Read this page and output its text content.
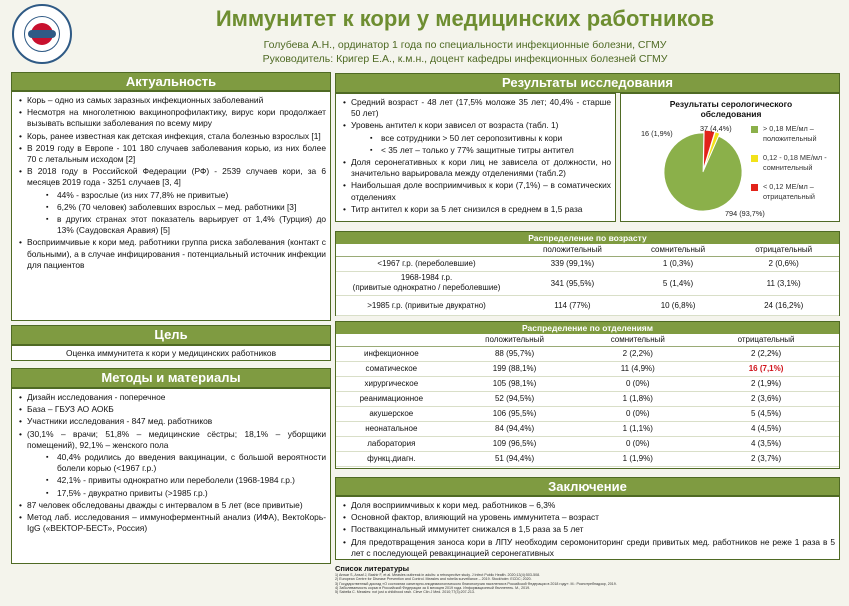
Иммунитет к кори у медицинских работников
Голубева А.Н., ординатор 1 года по специальности инфекционные болезни, СГМУ
Руководитель: Кригер Е.А., к.м.н., доцент кафедры инфекционных болезней СГМУ
Актуальность
• Корь – одно из самых заразных инфекционных заболеваний
• Несмотря на многолетнюю вакцинопрофилактику, вирус кори продолжает вызывать вспышки заболевания по всему миру
• Корь, ранее известная как детская инфекция, стала болезнью взрослых [1]
• В 2019 году в Европе - 101 180 случаев заболевания корью, из них более 70 с летальным исходом [2]
• В 2018 году в Российской Федерации (РФ) - 2539 случаев кори, за 6 месяцев 2019 года - 3251 случаев [3, 4]
▪ 44% - взрослые (из них 77,8% не привитые)
▪ 6,2% (70 человек) заболевших взрослых – мед. работники [3]
▪ в других странах этот показатель варьирует от 1,4% (Турция) до 13% (Саудовская Аравия) [5]
• Восприимчивые к кори мед. работники группа риска заболевания (контакт с больными), а в случае инфицирования - потенциальный источник инфекции для пациентов
Цель
Оценка иммунитета к кори у медицинских работников
Методы и материалы
• Дизайн исследования - поперечное
• База – ГБУЗ АО АОКБ
• Участники исследования - 847 мед. работников
• (30,1% – врачи; 51,8% – медицинские сёстры; 18,1% – уборщики помещений), 92,1% – женского пола
▪ 40,4% родились до введения вакцинации, с большой вероятности болели корью (<1967 г.р.)
▪ 42,1% - привиты однократно или переболели (1968-1984 г.р.)
▪ 17,5% - двукратно привиты (>1985 г.р.)
• 87 человек обследованы дважды с интервалом в 5 лет (все привитые)
• Метод лаб. исследования – иммуноферментный анализ (ИФА), ВектоКорь-IgG («ВЕКТОР-БЕСТ», Россия)
Список литературы
1) Anwar S, Ansaf J, Bashir F, et al. Measles outbreak in adults: a retrospective study. J Infect Public Health. 2020;13(4):503-508.
2) European Centre for Disease Prevention and Control. Measles and rubella surveillance – 2019. Stockholm: ECDC; 2020.
3) Государственный доклад «О состоянии санитарно-эпидемиологического благополучия населения в Российской Федерации в 2018 году». М.: Роспотребнадзор, 2019.
4) Заболеваемость корью в Российской Федерации за 6 месяцев 2019 года. Информационный бюллетень. М., 2019.
5) Sabella C. Measles: not just a childhood rash. Cleve Clin J Med. 2010;77(3):207-213.
Результаты исследования
• Средний возраст - 48 лет (17,5% моложе 35 лет; 40,4% - старше 50 лет)
• Уровень антител к кори зависел от возраста (табл. 1)
▪ все сотрудники > 50 лет серопозитивны к кори
▪ < 35 лет – только у 77% защитные титры антител
• Доля серонегативных к кори лиц не зависела от должности, но значительно варьировала между отделениями (табл.2)
• Наибольшая доле восприимчивых к кори (7,1%) – в соматических отделениях
• Титр антител к кори за 5 лет снизился в среднем в 1,5 раза
Результаты серологического обследования
16 (1,9%)
37 (4,4%)
794 (93,7%)
> 0,18 МЕ/мл – положительный
0,12 - 0,18 МЕ/мл - сомнительный
< 0,12 МЕ/мл – отрицательный
Распределение по возрасту
	положительный	сомнительный	отрицательный
<1967 г.р. (переболевшие)	339 (99,1%)	1 (0,3%)	2 (0,6%)
1968-1984 г.р.
(привитые однократно / переболевшие)	341 (95,5%)	5 (1,4%)	11 (3,1%)
>1985 г.р. (привитые двукратно)	114 (77%)	10 (6,8%)	24 (16,2%)
Распределение по отделениям
	положительный	сомнительный	отрицательный
инфекционное	88 (95,7%)	2 (2,2%)	2 (2,2%)
соматическое	199 (88,1%)	11 (4,9%)	16 (7,1%)
хирургическое	105 (98,1%)	0 (0%)	2 (1,9%)
реанимационное	52 (94,5%)	1 (1,8%)	2 (3,6%)
акушерское	106 (95,5%)	0 (0%)	5 (4,5%)
неонатальное	84 (94,4%)	1 (1,1%)	4 (4,5%)
лаборатория	109 (96,5%)	0 (0%)	4 (3,5%)
функц.диагн.	51 (94,4%)	1 (1,9%)	2 (3,7%)
Заключение
• Доля восприимчивых к кори мед. работников – 6,3%
• Основной фактор, влияющий на уровень иммунитета – возраст
• Поствакцинальный иммунитет снижался в 1,5 раза за 5 лет
• Для предотвращения заноса кори в ЛПУ необходим серомониторинг среди привитых мед. работников не реже 1 раза в 5 лет с последующей ревакцинацией серонегативных
